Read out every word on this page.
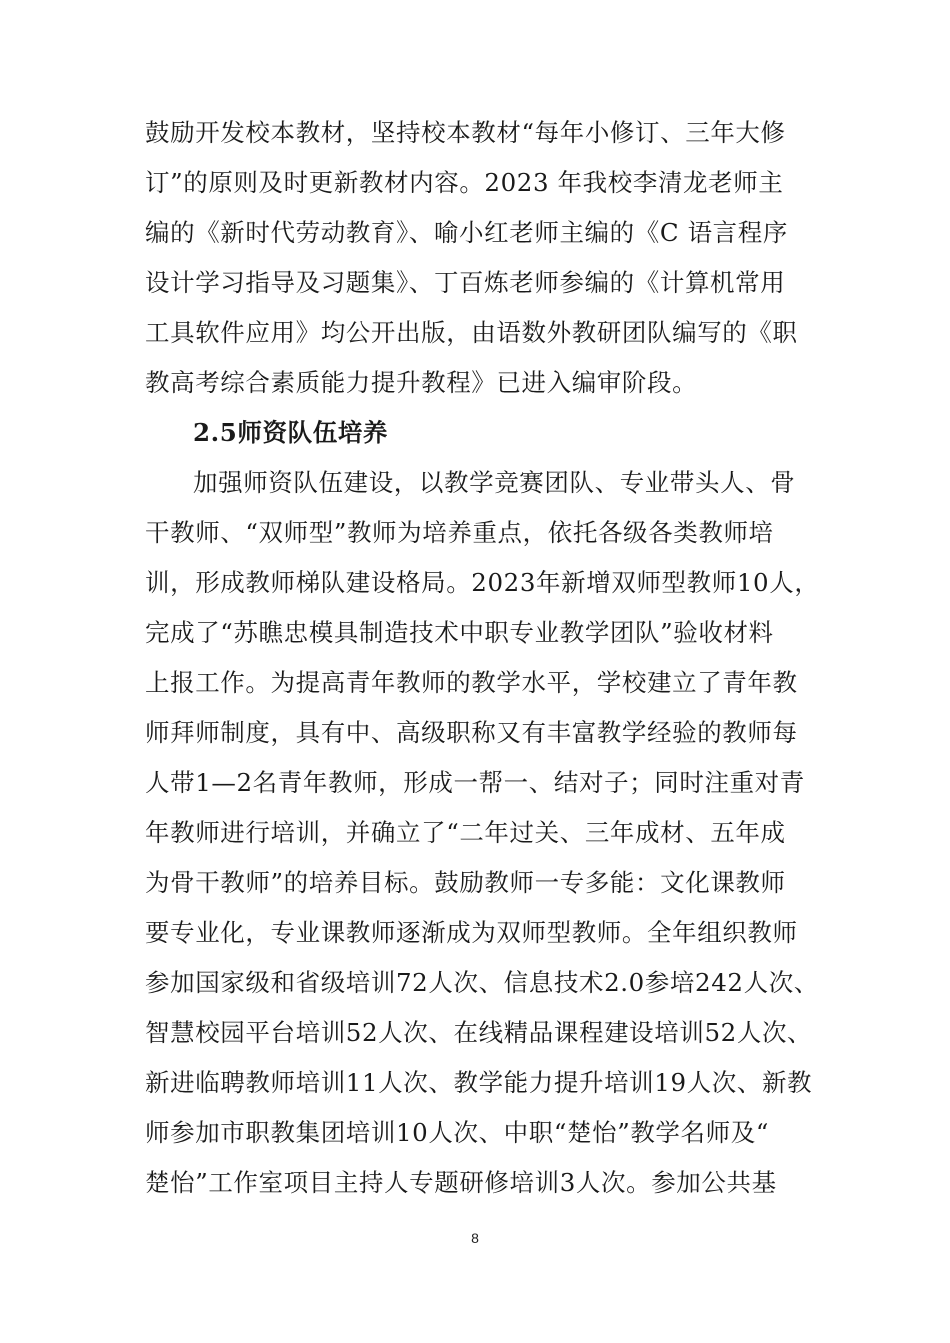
鼓励开发校本教材，坚持校本教材“每年小修订、三年大修
订”的原则及时更新教材内容。2023 年我校李清龙老师主
编的《新时代劳动教育》、喻小红老师主编的《C 语言程序
设计学习指导及习题集》、丁百炼老师参编的《计算机常用
工具软件应用》均公开出版，由语数外教研团队编写的《职
教高考综合素质能力提升教程》已进入编审阶段。
2.5师资队伍培养
加强师资队伍建设，以教学竞赛团队、专业带头人、骨
干教师、“双师型”教师为培养重点，依托各级各类教师培
训，形成教师梯队建设格局。2023年新增双师型教师10人，
完成了“苏瞧忠模具制造技术中职专业教学团队”验收材料
上报工作。为提高青年教师的教学水平，学校建立了青年教
师拜师制度，具有中、高级职称又有丰富教学经验的教师每
人带1—2名青年教师，形成一帮一、结对子；同时注重对青
年教师进行培训，并确立了“二年过关、三年成材、五年成
为骨干教师”的培养目标。鼓励教师一专多能：文化课教师
要专业化，专业课教师逐渐成为双师型教师。全年组织教师
参加国家级和省级培训72人次、信息技术2.0参培242人次、
智慧校园平台培训52人次、在线精品课程建设培训52人次、
新进临聘教师培训11人次、教学能力提升培训19人次、新教
师参加市职教集团培训10人次、中职“楚怡”教学名师及“
楚怡”工作室项目主持人专题研修培训3人次。参加公共基
8
